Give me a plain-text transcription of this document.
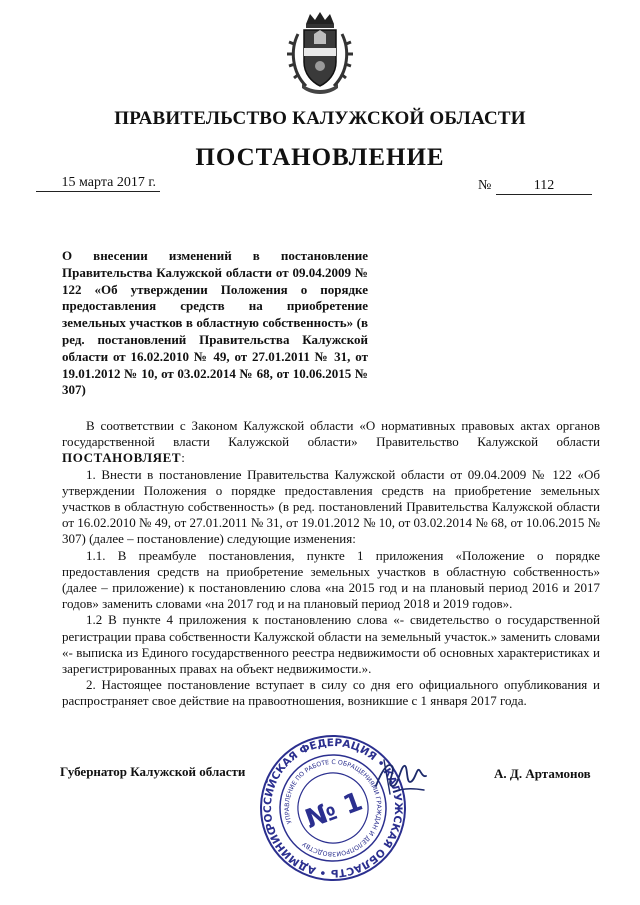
ПРАВИТЕЛЬСТВО КАЛУЖСКОЙ ОБЛАСТИ
ПОСТАНОВЛЕНИЕ
15 марта 2017 г.	№	112
О внесении изменений в постановление Правительства Калужской области от 09.04.2009 № 122 «Об утверждении Положения о порядке предоставления средств на приобретение земельных участков в областную собственность» (в ред. постановлений Правительства Калужской области от 16.02.2010 № 49, от 27.01.2011 № 31, от 19.01.2012 № 10, от 03.02.2014 № 68, от 10.06.2015 № 307)

В соответствии с Законом Калужской области «О нормативных правовых актах органов государственной власти Калужской области» Правительство Калужской области ПОСТАНОВЛЯЕТ:

1. Внести в постановление Правительства Калужской области от 09.04.2009 № 122 «Об утверждении Положения о порядке предоставления средств на приобретение земельных участков в областную собственность» (в ред. постановлений Правительства Калужской области от 16.02.2010 № 49, от 27.01.2011 № 31, от 19.01.2012 № 10, от 03.02.2014 № 68, от 10.06.2015 № 307) (далее – постановление) следующие изменения:

1.1. В преамбуле постановления, пункте 1 приложения «Положение о порядке предоставления средств на приобретение земельных участков в областную собственность» (далее – приложение) к постановлению слова «на 2015 год и на плановый период 2016 и 2017 годов» заменить словами «на 2017 год и на плановый период 2018 и 2019 годов».

1.2 В пункте 4 приложения к постановлению слова «- свидетельство о государственной регистрации права собственности Калужской области на земельный участок.» заменить словами «- выписка из Единого государственного реестра недвижимости об основных характеристиках и зарегистрированных правах на объект недвижимости.».

2. Настоящее постановление вступает в силу со дня его официального опубликования и распространяет свое действие на правоотношения, возникшие с 1 января 2017 года.

Губернатор Калужской области
РОССИЙСКАЯ ФЕДЕРАЦИЯ • КАЛУЖСКАЯ ОБЛАСТЬ • АДМИНИСТРАЦИЯ
УПРАВЛЕНИЕ ПО РАБОТЕ С ОБРАЩЕНИЯМИ ГРАЖДАН И ДЕЛОПРОИЗВОДСТВУ
№ 1
А. Д. Артамонов
